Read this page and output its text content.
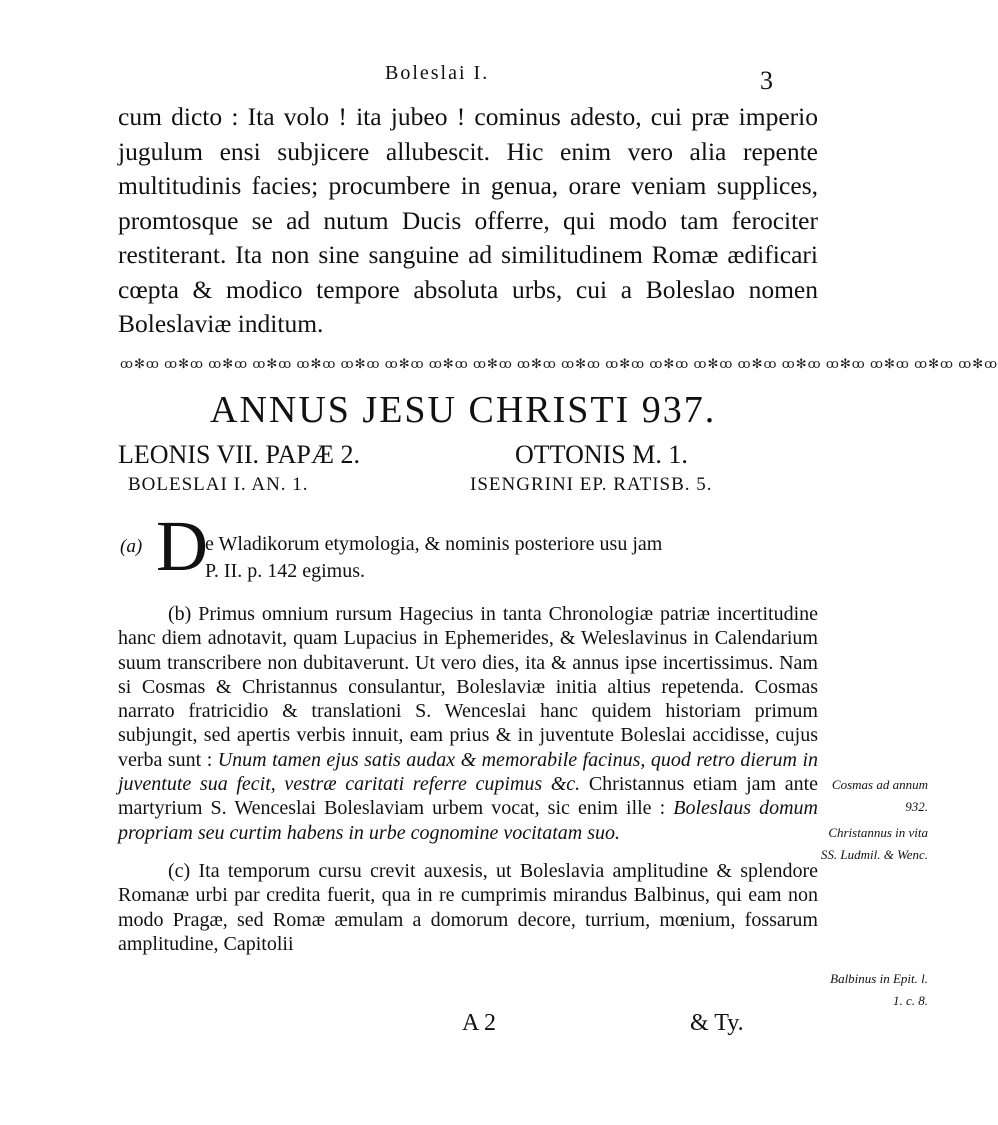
Boleslai I.	3

cum dicto : Ita volo ! ita jubeo ! cominus adesto, cui præ imperio jugulum ensi subjicere allubescit. Hic enim vero alia repente multitudinis facies; procumbere in genua, orare veniam supplices, promtosque se ad nutum Ducis offerre, qui modo tam ferociter restiterant. Ita non sine sanguine ad similitudinem Romæ ædificari cœpta & modico tempore absoluta urbs, cui a Boleslao nomen Boleslaviæ inditum.

ꝏ✻ꝏ ꝏ✻ꝏ ꝏ✻ꝏ ꝏ✻ꝏ ꝏ✻ꝏ ꝏ✻ꝏ ꝏ✻ꝏ ꝏ✻ꝏ ꝏ✻ꝏ ꝏ✻ꝏ ꝏ✻ꝏ ꝏ✻ꝏ ꝏ✻ꝏ ꝏ✻ꝏ ꝏ✻ꝏ ꝏ✻ꝏ ꝏ✻ꝏ ꝏ✻ꝏ ꝏ✻ꝏ ꝏ✻ꝏ
ANNUS JESU CHRISTI 937.
LEONIS VII. PAPÆ 2.	OTTONIS M. 1.
BOLESLAI I. AN. 1.	ISENGRINI EP. RATISB. 5.
(a) D
e Wladikorum etymologia, & nominis posteriore usu jam
P. II. p. 142 egimus.

(b) Primus omnium rursum Hagecius in tanta Chronologiæ patriæ incertitudine hanc diem adnotavit, quam Lupacius in Ephemerides, & Weleslavinus in Calendarium suum transcribere non dubitaverunt. Ut vero dies, ita & annus ipse incertissimus. Nam si Cosmas & Christannus consulantur, Boleslaviæ initia altius repetenda. Cosmas narrato fratricidio & translationi S. Wenceslai hanc quidem historiam primum subjungit, sed apertis verbis innuit, eam prius & in juventute Boleslai accidisse, cujus verba sunt : Unum tamen ejus satis audax & memorabile facinus, quod retro dierum in juventute sua fecit, vestræ caritati referre cupimus &c. Christannus etiam jam ante martyrium S. Wenceslai Boleslaviam urbem vocat, sic enim ille : Boleslaus domum propriam seu curtim habens in urbe cognomine vocitatam suo.

(c) Ita temporum cursu crevit auxesis, ut Boleslavia amplitudine & splendore Romanæ urbi par credita fuerit, qua in re cumprimis mirandus Balbinus, qui eam non modo Pragæ, sed Romæ æmulam a domorum decore, turrium, mœnium, fossarum amplitudine, Capitolii

Cosmas ad annum 932.
Christannus in vita SS. Ludmil. & Wenc.
Balbinus in Epit. l. 1. c. 8.
A 2	& Ty.
